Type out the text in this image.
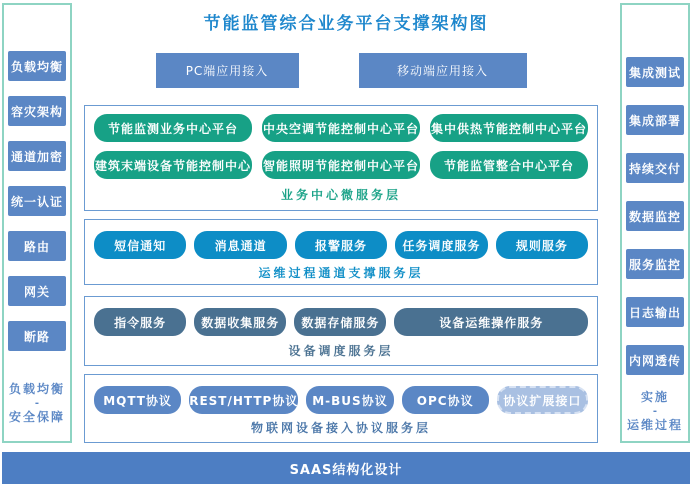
节能监管综合业务平台支撑架构图
负载均衡
容灾架构
通道加密
统一认证
路由
网关
断路
负载均衡
-
安全保障
集成测试
集成部署
持续交付
数据监控
服务监控
日志输出
内网透传
实施
-
运维过程
PC端应用接入	移动端应用接入
节能监测业务中心平台	中央空调节能控制中心平台 集中供热节能控制中心平台
建筑末端设备节能控制中心 智能照明节能控制中心平台	节能监管整合中心平台
业务中心微服务层
短信通知	消息通道	报警服务	任务调度服务	规则服务
运维过程通道支撑服务层
指令服务	数据收集服务	数据存储服务	设备运维操作服务
设备调度服务层
MQTT协议	REST/HTTP协议	M-BUS协议	OPC协议	协议扩展接口
物联网设备接入协议服务层
SAAS结构化设计
